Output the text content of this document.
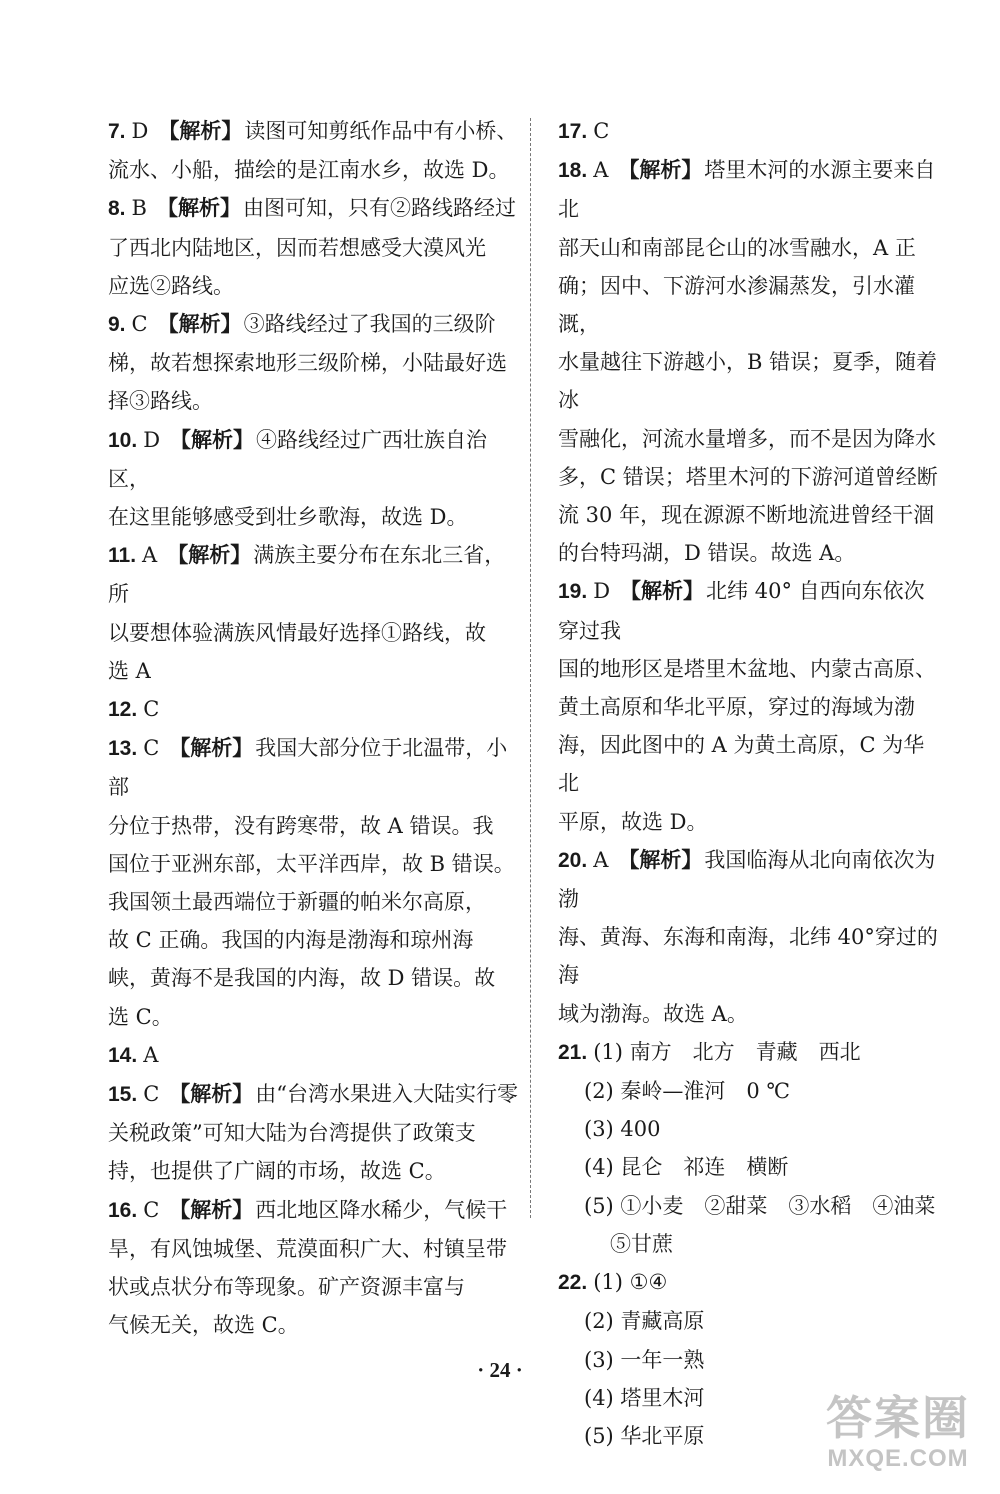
7. D 【解析】读图可知剪纸作品中有小桥、
流水、小船，描绘的是江南水乡，故选 D。
8. B 【解析】由图可知，只有②路线路经过
了西北内陆地区，因而若想感受大漠风光
应选②路线。
9. C 【解析】③路线经过了我国的三级阶
梯，故若想探索地形三级阶梯，小陆最好选
择③路线。
10. D 【解析】④路线经过广西壮族自治区，
在这里能够感受到壮乡歌海，故选 D。
11. A 【解析】满族主要分布在东北三省，所
以要想体验满族风情最好选择①路线，故
选 A
12. C
13. C 【解析】我国大部分位于北温带，小部
分位于热带，没有跨寒带，故 A 错误。我
国位于亚洲东部，太平洋西岸，故 B 错误。
我国领土最西端位于新疆的帕米尔高原，
故 C 正确。我国的内海是渤海和琼州海
峡，黄海不是我国的内海，故 D 错误。故
选 C。
14. A
15. C 【解析】由“台湾水果进入大陆实行零
关税政策”可知大陆为台湾提供了政策支
持，也提供了广阔的市场，故选 C。
16. C 【解析】西北地区降水稀少，气候干
旱，有风蚀城堡、荒漠面积广大、村镇呈带
状或点状分布等现象。矿产资源丰富与
气候无关，故选 C。
17. C
18. A 【解析】塔里木河的水源主要来自北
部天山和南部昆仑山的冰雪融水，A 正
确；因中、下游河水渗漏蒸发，引水灌溉，
水量越往下游越小，B 错误；夏季，随着冰
雪融化，河流水量增多，而不是因为降水
多，C 错误；塔里木河的下游河道曾经断
流 30 年，现在源源不断地流进曾经干涸
的台特玛湖，D 错误。故选 A。
19. D 【解析】北纬 40° 自西向东依次穿过我
国的地形区是塔里木盆地、内蒙古高原、
黄土高原和华北平原，穿过的海域为渤
海，因此图中的 A 为黄土高原，C 为华北
平原，故选 D。
20. A 【解析】我国临海从北向南依次为渤
海、黄海、东海和南海，北纬 40°穿过的海
域为渤海。故选 A。
21. (1) 南方　北方　青藏　西北
(2) 秦岭—淮河　0 ℃
(3) 400
(4) 昆仑　祁连　横断
(5) ①小麦　②甜菜　③水稻　④油菜
⑤甘蔗
22. (1) ①④
(2) 青藏高原
(3) 一年一熟
(4) 塔里木河
(5) 华北平原
· 24 ·
答案圈
MXQE.COM
